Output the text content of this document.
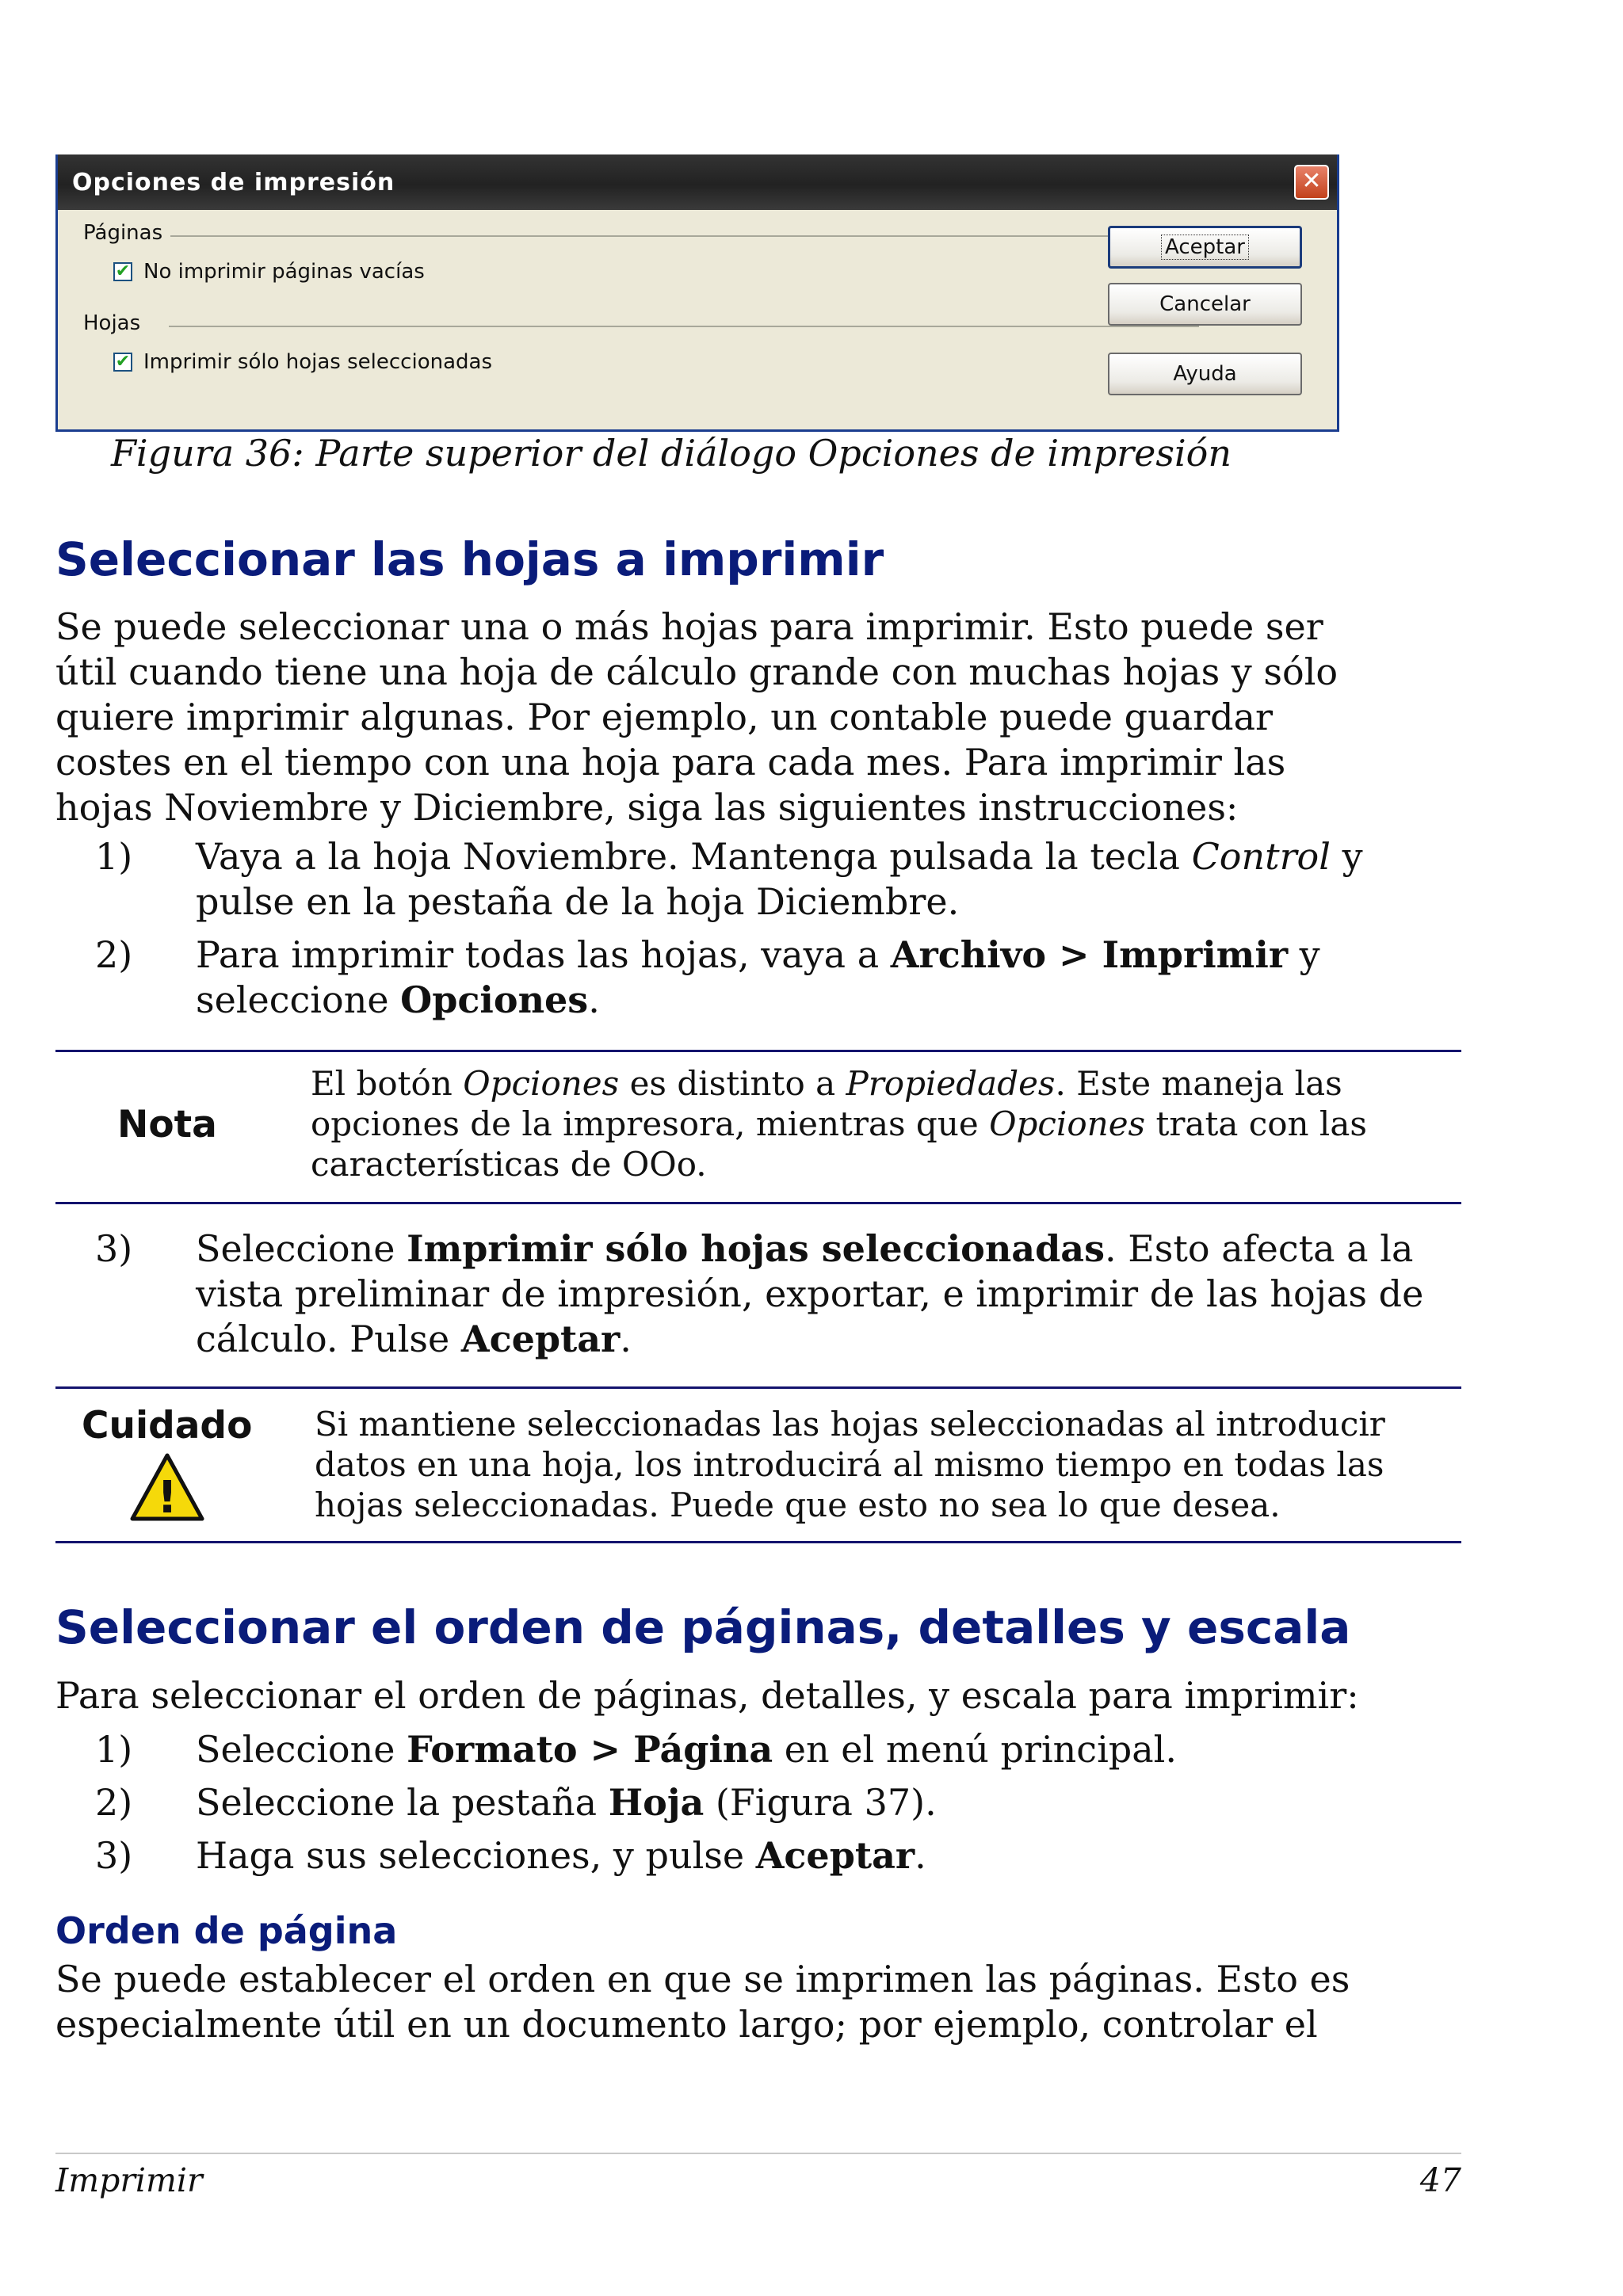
Opciones de impresión	✕
Páginas
✔ No imprimir páginas vacías
Hojas
✔ Imprimir sólo hojas seleccionadas
Aceptar
Cancelar
Ayuda
Figura 36: Parte superior del diálogo Opciones de impresión
Seleccionar las hojas a imprimir
Se puede seleccionar una o más hojas para imprimir. Esto puede ser
útil cuando tiene una hoja de cálculo grande con muchas hojas y sólo
quiere imprimir algunas. Por ejemplo, un contable puede guardar
costes en el tiempo con una hoja para cada mes. Para imprimir las
hojas Noviembre y Diciembre, siga las siguientes instrucciones:
1) Vaya a la hoja Noviembre. Mantenga pulsada la tecla Control y
pulse en la pestaña de la hoja Diciembre.
2) Para imprimir todas las hojas, vaya a Archivo > Imprimir y
seleccione Opciones.
Nota
El botón Opciones es distinto a Propiedades. Este maneja las
opciones de la impresora, mientras que Opciones trata con las
características de OOo.
3) Seleccione Imprimir sólo hojas seleccionadas. Esto afecta a la
vista preliminar de impresión, exportar, e imprimir de las hojas de
cálculo. Pulse Aceptar.
Cuidado
!
Si mantiene seleccionadas las hojas seleccionadas al introducir
datos en una hoja, los introducirá al mismo tiempo en todas las
hojas seleccionadas. Puede que esto no sea lo que desea.
Seleccionar el orden de páginas, detalles y escala
Para seleccionar el orden de páginas, detalles, y escala para imprimir:
1) Seleccione Formato > Página en el menú principal.
2) Seleccione la pestaña Hoja (Figura 37).
3) Haga sus selecciones, y pulse Aceptar.
Orden de página
Se puede establecer el orden en que se imprimen las páginas. Esto es
especialmente útil en un documento largo; por ejemplo, controlar el
Imprimir	47
